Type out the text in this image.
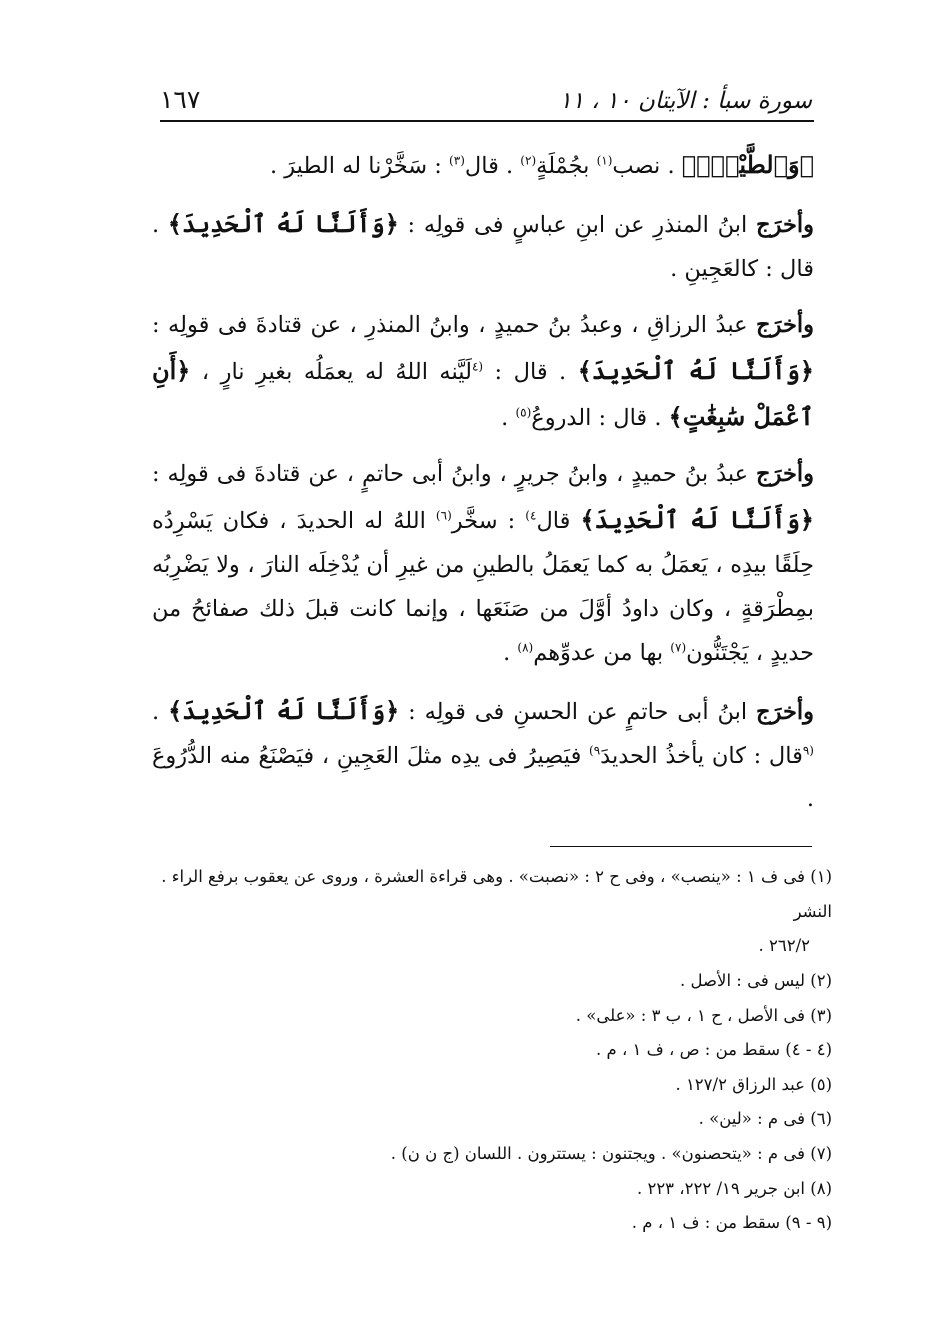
سورة سبأ : الآيتان ١٠ ، ١١
١٦٧

﴿وَٱلطَّيْرَۖ﴾ . نصب$^{(١)}$ بجُمْلَةٍ$^{(٢)}$ . قال$^{(٣)}$ : سَخَّرْنا له الطيرَ .

وأخرَج ابنُ المنذرِ عن ابنِ عباسٍ فى قولِه : ﴿وَأَلَنَّا لَهُ ٱلْحَدِيدَ﴾ . قال : كالعَجِينِ .

وأخرَج عبدُ الرزاقِ ، وعبدُ بنُ حميدٍ ، وابنُ المنذرِ ، عن قتادةَ فى قولِه : ﴿وَأَلَنَّا لَهُ ٱلْحَدِيدَ﴾ . قال : $^{(٤}$لَيَّنه اللهُ له يعمَلُه بغيرِ نارٍ ، ﴿أَنِ ٱعْمَلْ سَٰبِغَٰتٍ﴾ . قال : الدروعُ$^{(٥)}$ .

وأخرَج عبدُ بنُ حميدٍ ، وابنُ جريرٍ ، وابنُ أبى حاتمٍ ، عن قتادةَ فى قولِه : ﴿وَأَلَنَّا لَهُ ٱلْحَدِيدَ﴾ قال$^{٤)}$ : سخَّر$^{(٦)}$ اللهُ له الحديدَ ، فكان يَسْرِدُه حِلَقًا بيدِه ، يَعمَلُ به كما يَعمَلُ بالطينِ من غيرِ أن يُدْخِلَه النارَ ، ولا يَضْرِبُه بمِطْرَقةٍ ، وكان داودُ أوَّلَ من صَنَعَها ، وإنما كانت قبلَ ذلك صفائحُ من حديدٍ ، يَجْتَنُّون$^{(٧)}$ بها من عدوِّهم$^{(٨)}$ .

وأخرَج ابنُ أبى حاتمٍ عن الحسنِ فى قولِه : ﴿وَأَلَنَّا لَهُ ٱلْحَدِيدَ﴾ . $^{(٩}$قال : كان يأخذُ الحديدَ$^{٩)}$ فيَصِيرُ فى يدِه مثلَ العَجِينِ ، فيَصْنَعُ منه الدُّرُوعَ .

(١) فى ف ١ : «ينصب» ، وفى ح ٢ : «نصبت» . وهى قراءة العشرة ، وروى عن يعقوب برفع الراء . النشر

٢٦٢/٢ .

(٢) ليس فى : الأصل .

(٣) فى الأصل ، ح ١ ، ب ٣ : «على» .

(٤ - ٤) سقط من : ص ، ف ١ ، م .

(٥) عبد الرزاق ١٢٧/٢ .

(٦) فى م : «لين» .

(٧) فى م : «يتحصنون» . ويجتنون : يستترون . اللسان (ج ن ن) .

(٨) ابن جرير ١٩/ ٢٢٢، ٢٢٣ .

(٩ - ٩) سقط من : ف ١ ، م .
